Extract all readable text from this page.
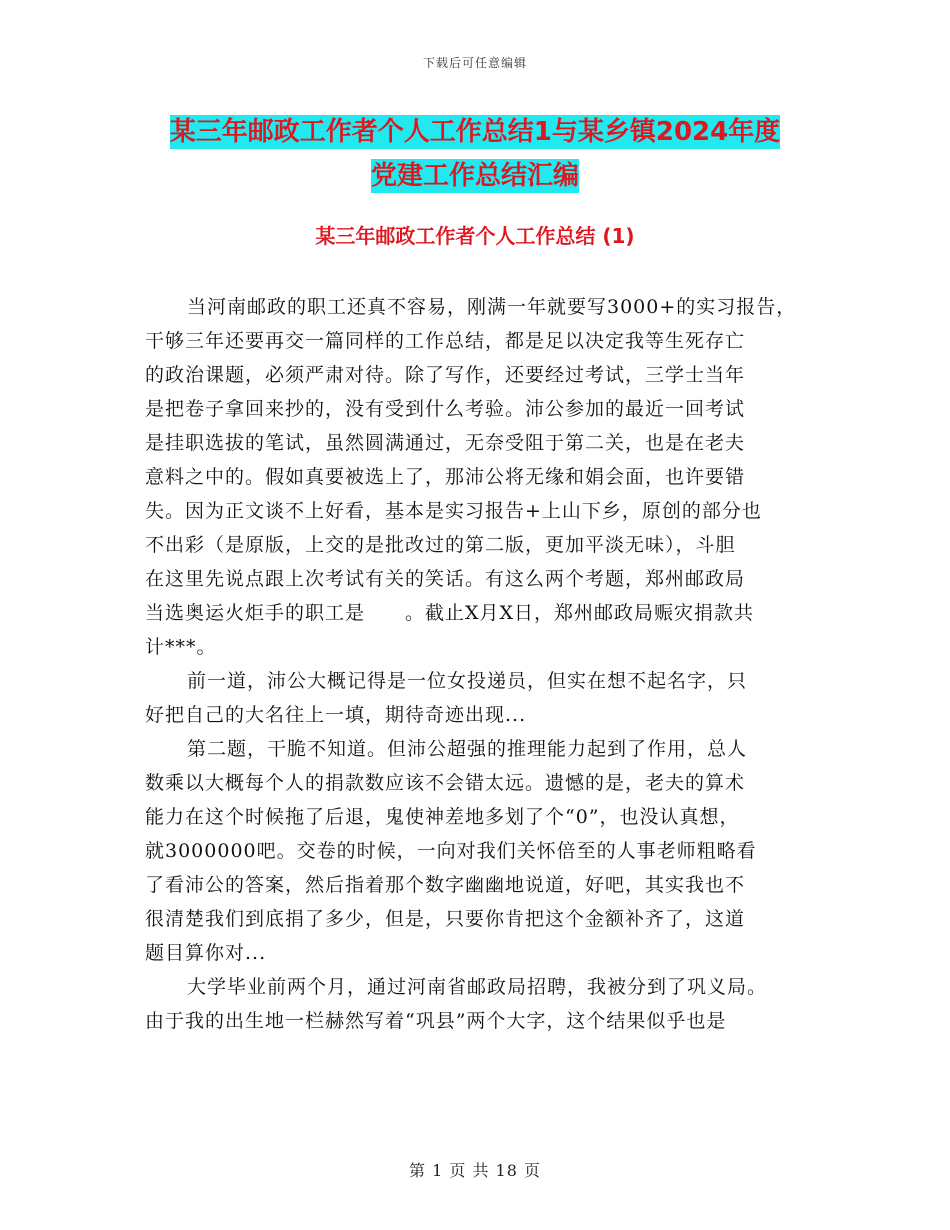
下载后可任意编辑
某三年邮政工作者个人工作总结1与某乡镇2024年度
党建工作总结汇编
某三年邮政工作者个人工作总结 (1)
当河南邮政的职工还真不容易，刚满一年就要写3000+的实习报告，
干够三年还要再交一篇同样的工作总结，都是足以决定我等生死存亡
的政治课题，必须严肃对待。除了写作，还要经过考试，三学士当年
是把卷子拿回来抄的，没有受到什么考验。沛公参加的最近一回考试
是挂职选拔的笔试，虽然圆满通过，无奈受阻于第二关，也是在老夫
意料之中的。假如真要被选上了，那沛公将无缘和娟会面，也许要错
失。因为正文谈不上好看，基本是实习报告+上山下乡，原创的部分也
不出彩（是原版，上交的是批改过的第二版，更加平淡无味），斗胆
在这里先说点跟上次考试有关的笑话。有这么两个考题，郑州邮政局
当选奥运火炬手的职工是　　。截止X月X日，郑州邮政局赈灾捐款共
计***。
前一道，沛公大概记得是一位女投递员，但实在想不起名字，只
好把自己的大名往上一填，期待奇迹出现...
第二题，干脆不知道。但沛公超强的推理能力起到了作用，总人
数乘以大概每个人的捐款数应该不会错太远。遗憾的是，老夫的算术
能力在这个时候拖了后退，鬼使神差地多划了个“0”，也没认真想，
就3000000吧。交卷的时候，一向对我们关怀倍至的人事老师粗略看
了看沛公的答案，然后指着那个数字幽幽地说道，好吧，其实我也不
很清楚我们到底捐了多少，但是，只要你肯把这个金额补齐了，这道
题目算你对...
大学毕业前两个月，通过河南省邮政局招聘，我被分到了巩义局。
由于我的出生地一栏赫然写着“巩县”两个大字，这个结果似乎也是
第 1 页 共 18 页
